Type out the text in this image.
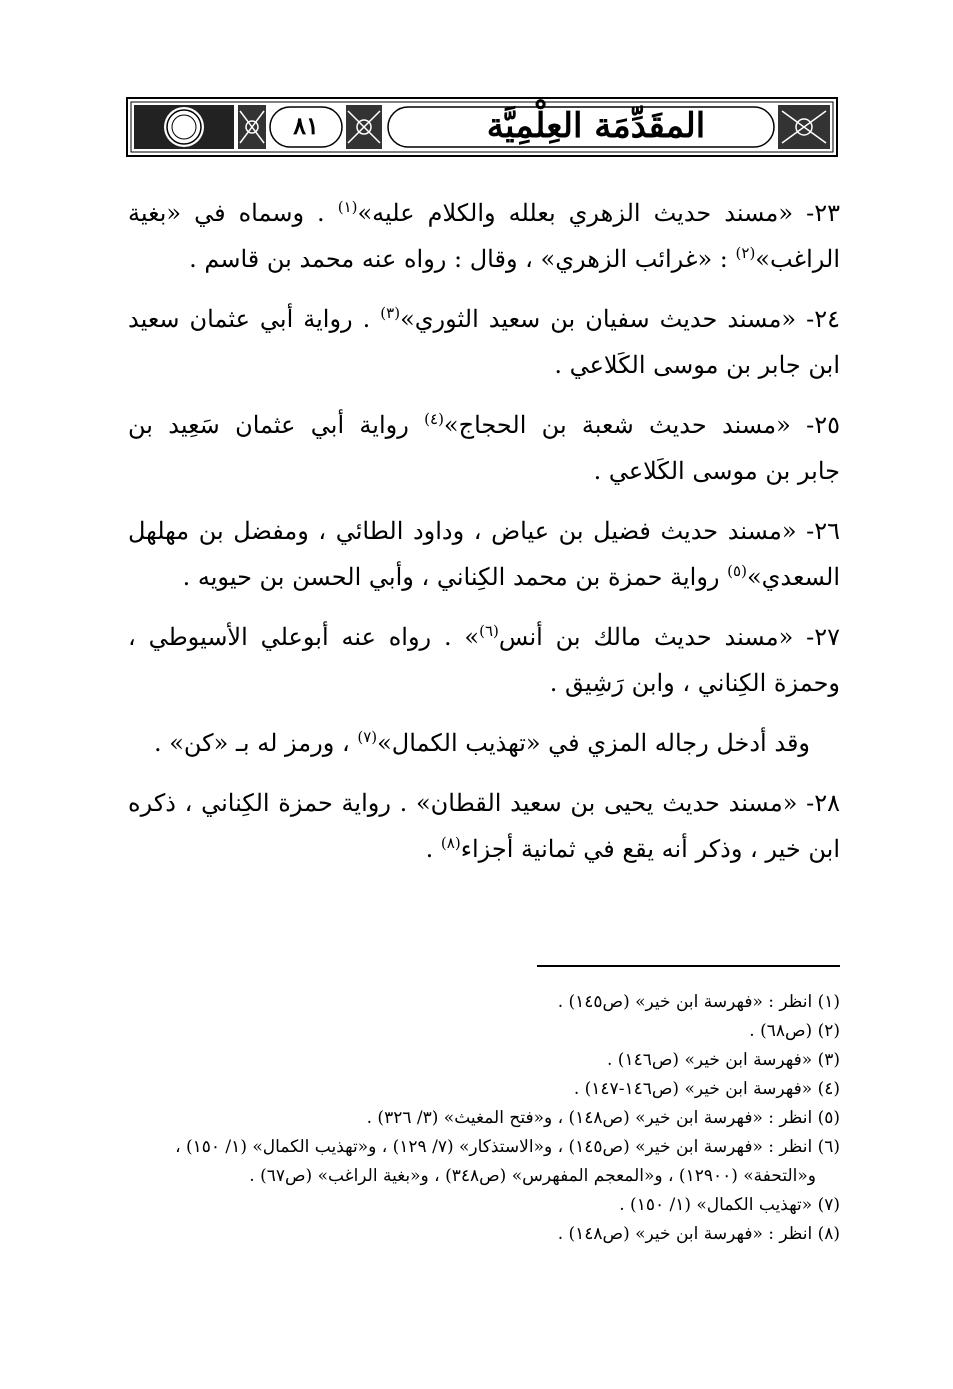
٨١	المقَدِّمَة العِلْمِيَّة
٢٣- «مسند حديث الزهري بعلله والكلام عليه»$^{(١)}$ . وسماه في «بغية
الراغب»$^{(٢)}$ : «غرائب الزهري» ، وقال : رواه عنه محمد بن قاسم .
٢٤- «مسند حديث سفيان بن سعيد الثوري»$^{(٣)}$ . رواية أبي عثمان سعيد
ابن جابر بن موسى الكَلاعي .
٢٥- «مسند حديث شعبة بن الحجاج»$^{(٤)}$ رواية أبي عثمان سَعِيد بن
جابر بن موسى الكَلاعي .
٢٦- «مسند حديث فضيل بن عياض ، وداود الطائي ، ومفضل بن مهلهل
السعدي»$^{(٥)}$ رواية حمزة بن محمد الكِناني ، وأبي الحسن بن حيويه .
٢٧- «مسند حديث مالك بن أنس$^{(٦)}$» . رواه عنه أبوعلي الأسيوطي ،
وحمزة الكِناني ، وابن رَشِيق .
وقد أدخل رجاله المزي في «تهذيب الكمال»$^{(٧)}$ ، ورمز له بـ «كن» .
٢٨- «مسند حديث يحيى بن سعيد القطان» . رواية حمزة الكِناني ، ذكره
ابن خير ، وذكر أنه يقع في ثمانية أجزاء$^{(٨)}$ .
(١) انظر : «فهرسة ابن خير» (ص١٤٥) .
(٢) (ص٦٨) .
(٣) «فهرسة ابن خير» (ص١٤٦) .
(٤) «فهرسة ابن خير» (ص١٤٦-١٤٧) .
(٥) انظر : «فهرسة ابن خير» (ص١٤٨) ، و«فتح المغيث» (٣/ ٣٢٦) .
(٦) انظر : «فهرسة ابن خير» (ص١٤٥) ، و«الاستذكار» (٧/ ١٢٩) ، و«تهذيب الكمال» (١/ ١٥٠) ،
و«التحفة» (١٢٩٠٠) ، و«المعجم المفهرس» (ص٣٤٨) ، و«بغية الراغب» (ص٦٧) .
(٧) «تهذيب الكمال» (١/ ١٥٠) .
(٨) انظر : «فهرسة ابن خير» (ص١٤٨) .
